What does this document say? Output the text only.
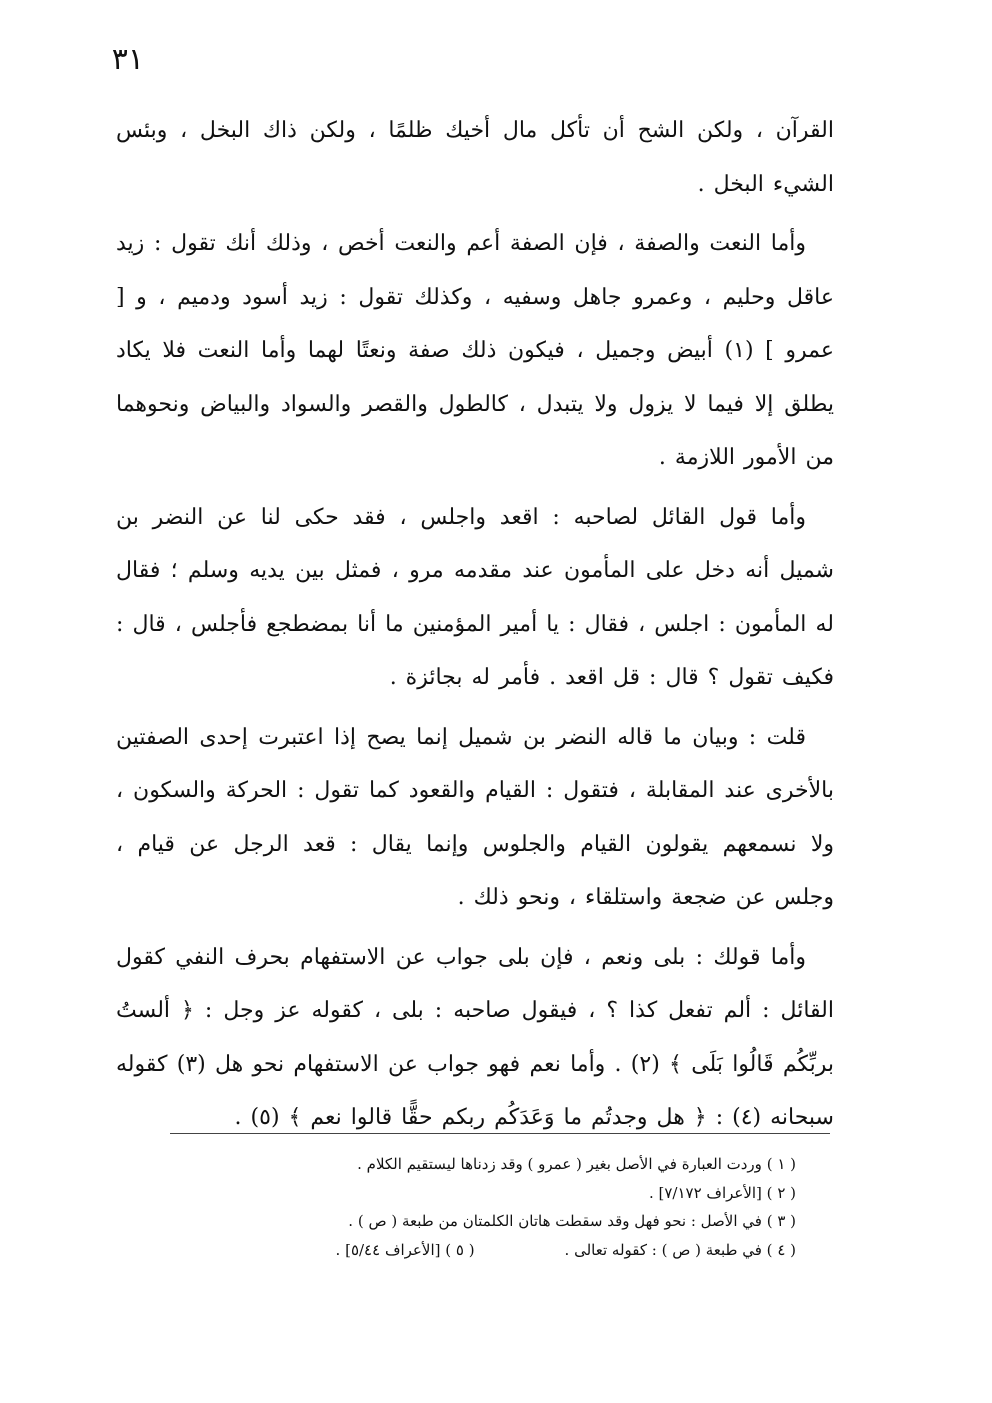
٣١

القرآن ، ولكن الشح أن تأكل مال أخيك ظلمًا ، ولكن ذاك البخل ، وبئس الشيء البخل .

وأما النعت والصفة ، فإن الصفة أعم والنعت أخص ، وذلك أنك تقول : زيد عاقل وحليم ، وعمرو جاهل وسفيه ، وكذلك تقول : زيد أسود ودميم ، و [ عمرو ] (١) أبيض وجميل ، فيكون ذلك صفة ونعتًا لهما وأما النعت فلا يكاد يطلق إلا فيما لا يزول ولا يتبدل ، كالطول والقصر والسواد والبياض ونحوهما من الأمور اللازمة .

وأما قول القائل لصاحبه : اقعد واجلس ، فقد حكى لنا عن النضر بن شميل أنه دخل على المأمون عند مقدمه مرو ، فمثل بين يديه وسلم ؛ فقال له المأمون : اجلس ، فقال : يا أمير المؤمنين ما أنا بمضطجع فأجلس ، قال : فكيف تقول ؟ قال : قل اقعد . فأمر له بجائزة .

قلت : وبيان ما قاله النضر بن شميل إنما يصح إذا اعتبرت إحدى الصفتين بالأخرى عند المقابلة ، فتقول : القيام والقعود كما تقول : الحركة والسكون ، ولا نسمعهم يقولون القيام والجلوس وإنما يقال : قعد الرجل عن قيام ، وجلس عن ضجعة واستلقاء ، ونحو ذلك .

وأما قولك : بلى ونعم ، فإن بلى جواب عن الاستفهام بحرف النفي كقول القائل : ألم تفعل كذا ؟ ، فيقول صاحبه : بلى ، كقوله عز وجل : ﴿ ألستُ بربِّكُم قَالُوا بَلَى ﴾ (٢) . وأما نعم فهو جواب عن الاستفهام نحو هل (٣) كقوله سبحانه (٤) : ﴿ هل وجدتُم ما وَعَدَكُم ربكم حقًّا قالوا نعم ﴾ (٥) .

( ١ ) وردت العبارة في الأصل بغير ( عمرو ) وقد زدناها ليستقيم الكلام .
( ٢ ) [الأعراف ٧/١٧٢] .
( ٣ ) في الأصل : نحو فهل وقد سقطت هاتان الكلمتان من طبعة ( ص ) .
( ٤ ) في طبعة ( ص ) : كقوله تعالى .( ٥ ) [الأعراف ٥/٤٤] .
